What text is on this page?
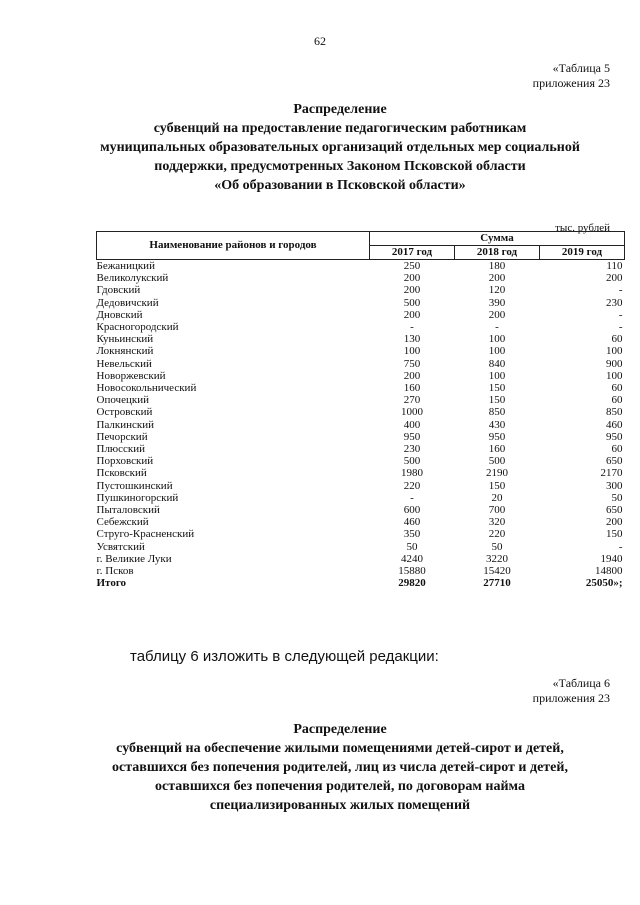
62
«Таблица 5
приложения 23
Распределение
субвенций на предоставление педагогическим работникам
муниципальных образовательных организаций отдельных мер социальной
поддержки, предусмотренных Законом Псковской области
«Об образовании в Псковской области»
тыс. рублей
Наименование районов и городов	Сумма		
	2017 год	2018 год	2019 год
Бежаницкий	250	180	110
Великолукский	200	200	200
Гдовский	200	120	-
Дедовичский	500	390	230
Дновский	200	200	-
Красногородский	-	-	-
Куньинский	130	100	60
Локнянский	100	100	100
Невельский	750	840	900
Новоржевский	200	100	100
Новосокольнический	160	150	60
Опочецкий	270	150	60
Островский	1000	850	850
Палкинский	400	430	460
Печорский	950	950	950
Плюсский	230	160	60
Порховский	500	500	650
Псковский	1980	2190	2170
Пустошкинский	220	150	300
Пушкиногорский	-	20	50
Пыталовский	600	700	650
Себежский	460	320	200
Струго-Красненский	350	220	150
Усвятский	50	50	-
г. Великие Луки	4240	3220	1940
г. Псков	15880	15420	14800
Итого	29820	27710	25050»;
таблицу 6 изложить в следующей редакции:
«Таблица 6
приложения 23
Распределение
субвенций на обеспечение жилыми помещениями детей-сирот и детей,
оставшихся без попечения родителей, лиц из числа детей-сирот и детей,
оставшихся без попечения родителей, по договорам найма
специализированных жилых помещений
